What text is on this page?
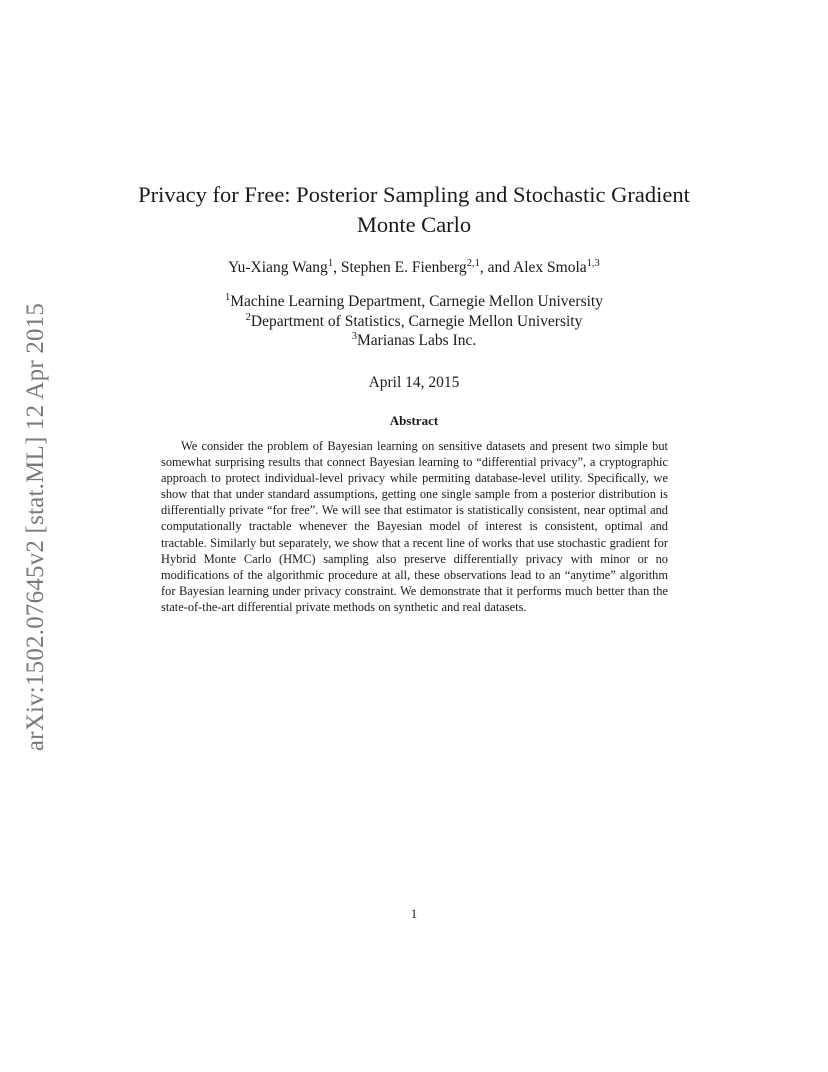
arXiv:1502.07645v2 [stat.ML] 12 Apr 2015
Privacy for Free: Posterior Sampling and Stochastic Gradient Monte Carlo
Yu-Xiang Wang$^1$, Stephen E. Fienberg$^{2,1}$, and Alex Smola$^{1,3}$
$^1$Machine Learning Department, Carnegie Mellon University
$^2$Department of Statistics, Carnegie Mellon University
$^3$Marianas Labs Inc.
April 14, 2015
Abstract

We consider the problem of Bayesian learning on sensitive datasets and present two simple but somewhat surprising results that connect Bayesian learning to “differential privacy”, a cryptographic approach to protect individual-level privacy while permiting database-level utility. Specifically, we show that that under standard assumptions, getting one single sample from a posterior distribution is differentially private “for free”. We will see that estimator is statistically consistent, near optimal and computationally tractable whenever the Bayesian model of interest is consistent, optimal and tractable. Similarly but separately, we show that a recent line of works that use stochastic gradient for Hybrid Monte Carlo (HMC) sampling also preserve differentially privacy with minor or no modifications of the algorithmic procedure at all, these observations lead to an “anytime” algorithm for Bayesian learning under privacy constraint. We demonstrate that it performs much better than the state-of-the-art differential private methods on synthetic and real datasets.

1
